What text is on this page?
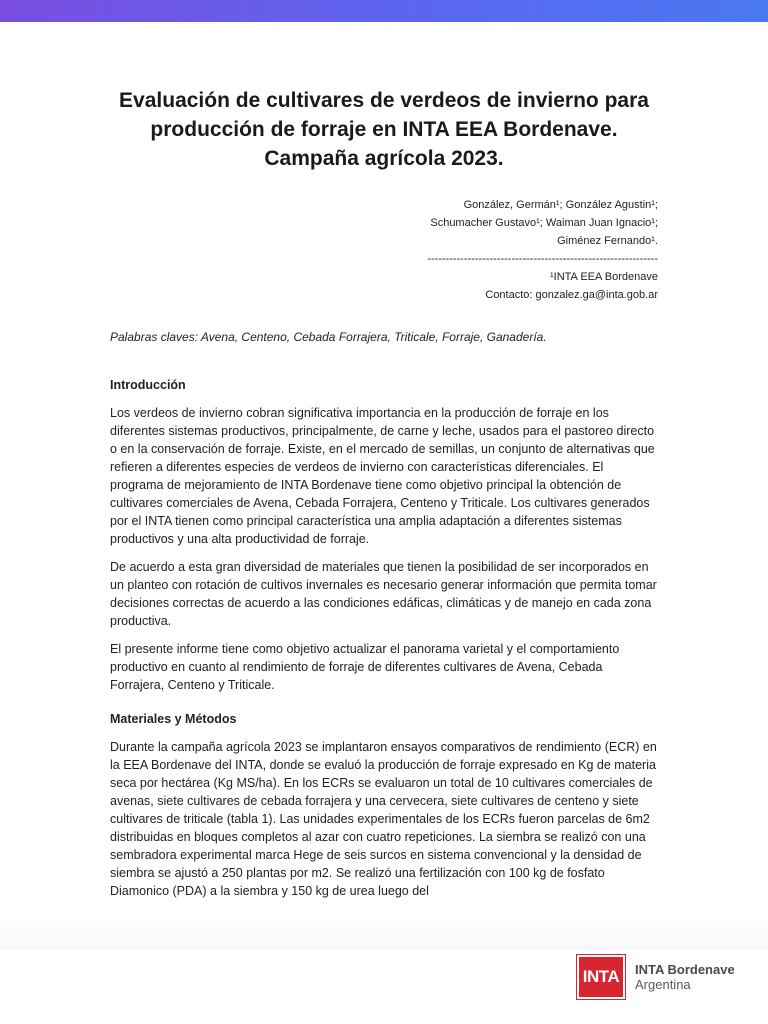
Evaluación de cultivares de verdeos de invierno para
producción de forraje en INTA EEA Bordenave.
Campaña agrícola 2023.
González, Germán¹; González Agustin¹;
Schumacher Gustavo¹; Waiman Juan Ignacio¹;
Giménez Fernando¹.
---------------------------------------------------------------
¹INTA EEA Bordenave
Contacto: gonzalez.ga@inta.gob.ar
Palabras claves: Avena, Centeno, Cebada Forrajera, Triticale, Forraje, Ganadería.
Introducción

Los verdeos de invierno cobran significativa importancia en la producción de forraje en los diferentes sistemas productivos, principalmente, de carne y leche, usados para el pastoreo directo o en la conservación de forraje. Existe, en el mercado de semillas, un conjunto de alternativas que refieren a diferentes especies de verdeos de invierno con características diferenciales. El programa de mejoramiento de INTA Bordenave tiene como objetivo principal la obtención de cultivares comerciales de Avena, Cebada Forrajera, Centeno y Triticale. Los cultivares generados por el INTA tienen como principal característica una amplia adaptación a diferentes sistemas productivos y una alta productividad de forraje.

De acuerdo a esta gran diversidad de materiales que tienen la posibilidad de ser incorporados en un planteo con rotación de cultivos invernales es necesario generar información que permita tomar decisiones correctas de acuerdo a las condiciones edáficas, climáticas y de manejo en cada zona productiva.

El presente informe tiene como objetivo actualizar el panorama varietal y el comportamiento productivo en cuanto al rendimiento de forraje de diferentes cultivares de Avena, Cebada Forrajera, Centeno y Triticale.

Materiales y Métodos

Durante la campaña agrícola 2023 se implantaron ensayos comparativos de rendimiento (ECR) en la EEA Bordenave del INTA, donde se evaluó la producción de forraje expresado en Kg de materia seca por hectárea (Kg MS/ha). En los ECRs se evaluaron un total de 10 cultivares comerciales de avenas, siete cultivares de cebada forrajera y una cervecera, siete cultivares de centeno y siete cultivares de triticale (tabla 1). Las unidades experimentales de los ECRs fueron parcelas de 6m2 distribuidas en bloques completos al azar con cuatro repeticiones. La siembra se realizó con una sembradora experimental marca Hege de seis surcos en sistema convencional y la densidad de siembra se ajustó a 250 plantas por m2. Se realizó una fertilización con 100 kg de fosfato Diamonico (PDA) a la siembra y 150 kg de urea luego del

INTA	INTA Bordenave
Argentina
